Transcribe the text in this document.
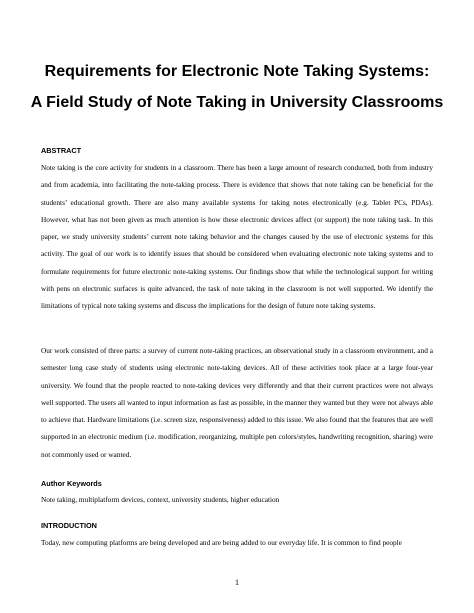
Requirements for Electronic Note Taking Systems:
A Field Study of Note Taking in University Classrooms
ABSTRACT

Note taking is the core activity for students in a classroom. There has been a large amount of research conducted, both from industry and from academia, into facilitating the note-taking process. There is evidence that shows that note taking can be beneficial for the students’ educational growth. There are also many available systems for taking notes electronically (e.g. Tablet PCs, PDAs). However, what has not been given as much attention is how these electronic devices affect (or support) the note taking task. In this paper, we study university students’ current note taking behavior and the changes caused by the use of electronic systems for this activity. The goal of our work is to identify issues that should be considered when evaluating electronic note taking systems and to formulate requirements for future electronic note-taking systems. Our findings show that while the technological support for writing with pens on electronic surfaces is quite advanced, the task of note taking in the classroom is not well supported. We identify the limitations of typical note taking systems and discuss the implications for the design of future note taking systems.

Our work consisted of three parts: a survey of current note-taking practices, an observational study in a classroom environment, and a semester long case study of students using electronic note-taking devices. All of these activities took place at a large four-year university. We found that the people reacted to note-taking devices very differently and that their current practices were not always well supported. The users all wanted to input information as fast as possible, in the manner they wanted but they were not always able to achieve that. Hardware limitations (i.e. screen size, responsiveness) added to this issue. We also found that the features that are well supported in an electronic medium (i.e. modification, reorganizing, multiple pen colors/styles, handwriting recognition, sharing) were not commonly used or wanted.

Author Keywords

Note taking, multiplatform devices, context, university students, higher education

INTRODUCTION

Today, new computing platforms are being developed and are being added to our everyday life. It is common to find people

1
